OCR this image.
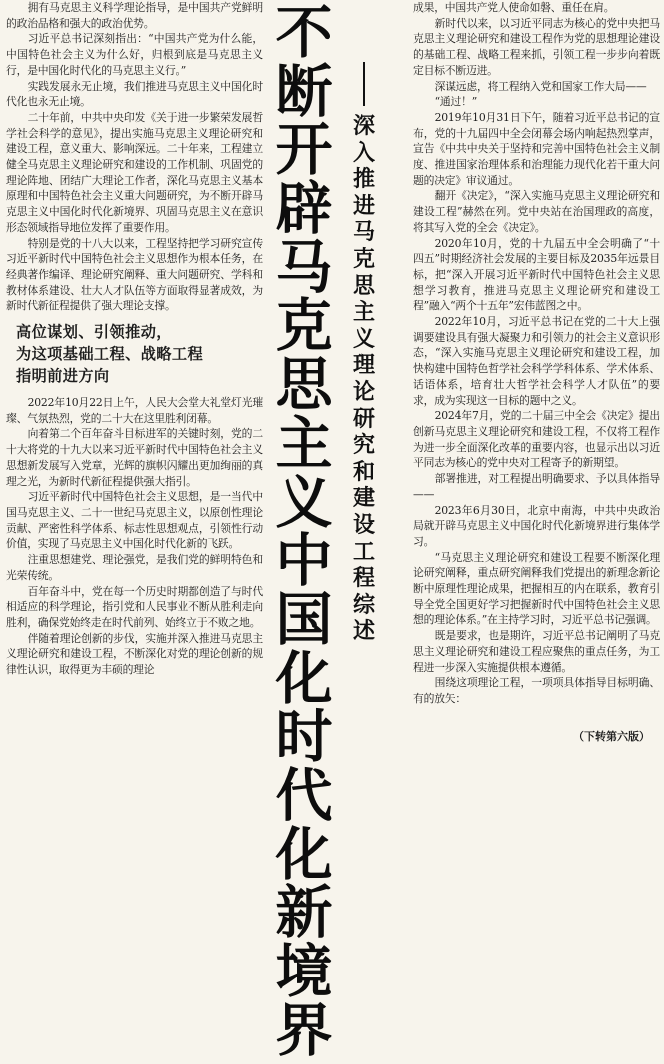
拥有马克思主义科学理论指导，是中国共产党鲜明的政治品格和强大的政治优势。

习近平总书记深刻指出：“中国共产党为什么能，中国特色社会主义为什么好，归根到底是马克思主义行，是中国化时代化的马克思主义行。”

实践发展永无止境，我们推进马克思主义中国化时代化也永无止境。

二十年前，中共中央印发《关于进一步繁荣发展哲学社会科学的意见》，提出实施马克思主义理论研究和建设工程，意义重大、影响深远。二十年来，工程建立健全马克思主义理论研究和建设的工作机制、巩固党的理论阵地、团结广大理论工作者，深化马克思主义基本原理和中国特色社会主义重大问题研究，为不断开辟马克思主义中国化时代化新境界、巩固马克思主义在意识形态领域指导地位发挥了重要作用。

特别是党的十八大以来，工程坚持把学习研究宣传习近平新时代中国特色社会主义思想作为根本任务，在经典著作编译、理论研究阐释、重大问题研究、学科和教材体系建设、壮大人才队伍等方面取得显著成效，为新时代新征程提供了强大理论支撑。

高位谋划、引领推动，
为这项基础工程、战略工程
指明前进方向

2022年10月22日上午，人民大会堂大礼堂灯光璀璨、气氛热烈，党的二十大在这里胜利闭幕。

向着第二个百年奋斗目标进军的关键时刻，党的二十大将党的十九大以来习近平新时代中国特色社会主义思想新发展写入党章，光辉的旗帜闪耀出更加绚丽的真理之光，为新时代新征程提供强大指引。

习近平新时代中国特色社会主义思想，是一当代中国马克思主义、二十一世纪马克思主义，以原创性理论贡献、严密性科学体系、标志性思想观点，引领性行动价值，实现了马克思主义中国化时代化新的飞跃。

注重思想建党、理论强党，是我们党的鲜明特色和光荣传统。

百年奋斗中，党在每一个历史时期都创造了与时代相适应的科学理论，指引党和人民事业不断从胜利走向胜利，确保党始终走在时代前列、始终立于不败之地。

伴随着理论创新的步伐，实施并深入推进马克思主义理论研究和建设工程，不断深化对党的理论创新的规律性认识，取得更为丰硕的理论

不
断
开
辟
马
克
思
主
义
中
国
化
时
代
化
新
境
界
深
入
推
进
马
克
思
主
义
理
论
研
究
和
建
设
工
程
综
述

成果，中国共产党人使命如磐、重任在肩。

新时代以来，以习近平同志为核心的党中央把马克思主义理论研究和建设工程作为党的思想理论建设的基础工程、战略工程来抓，引领工程一步步向着既定目标不断迈进。

深谋远虑，将工程纳入党和国家工作大局——

“通过！”

2019年10月31日下午，随着习近平总书记的宣布，党的十九届四中全会闭幕会场内响起热烈掌声，宣告《中共中央关于坚持和完善中国特色社会主义制度、推进国家治理体系和治理能力现代化若干重大问题的决定》审议通过。

翻开《决定》，“深入实施马克思主义理论研究和建设工程”赫然在列。党中央站在治国理政的高度，将其写入党的全会《决定》。

2020年10月，党的十九届五中全会明确了“十四五”时期经济社会发展的主要目标及2035年远景目标，把“深入开展习近平新时代中国特色社会主义思想学习教育，推进马克思主义理论研究和建设工程”融入“两个十五年”宏伟蓝图之中。

2022年10月，习近平总书记在党的二十大上强调要建设具有强大凝聚力和引领力的社会主义意识形态，“深入实施马克思主义理论研究和建设工程，加快构建中国特色哲学社会科学学科体系、学术体系、话语体系，培育壮大哲学社会科学人才队伍”的要求，成为实现这一目标的题中之义。

2024年7月，党的二十届三中全会《决定》提出创新马克思主义理论研究和建设工程，不仅将工程作为进一步全面深化改革的重要内容，也显示出以习近平同志为核心的党中央对工程寄予的新期望。

部署推进，对工程提出明确要求、予以具体指导——

2023年6月30日，北京中南海，中共中央政治局就开辟马克思主义中国化时代化新境界进行集体学习。

“马克思主义理论研究和建设工程要不断深化理论研究阐释，重点研究阐释我们党提出的新理念新论断中原理性理论成果，把握相互的内在联系，教育引导全党全国更好学习把握新时代中国特色社会主义思想的理论体系。”在主持学习时，习近平总书记强调。

既是要求，也是期许，习近平总书记阐明了马克思主义理论研究和建设工程应聚焦的重点任务，为工程进一步深入实施提供根本遵循。

围绕这项理论工程，一项项具体指导目标明确、有的放矢：

（下转第六版）
